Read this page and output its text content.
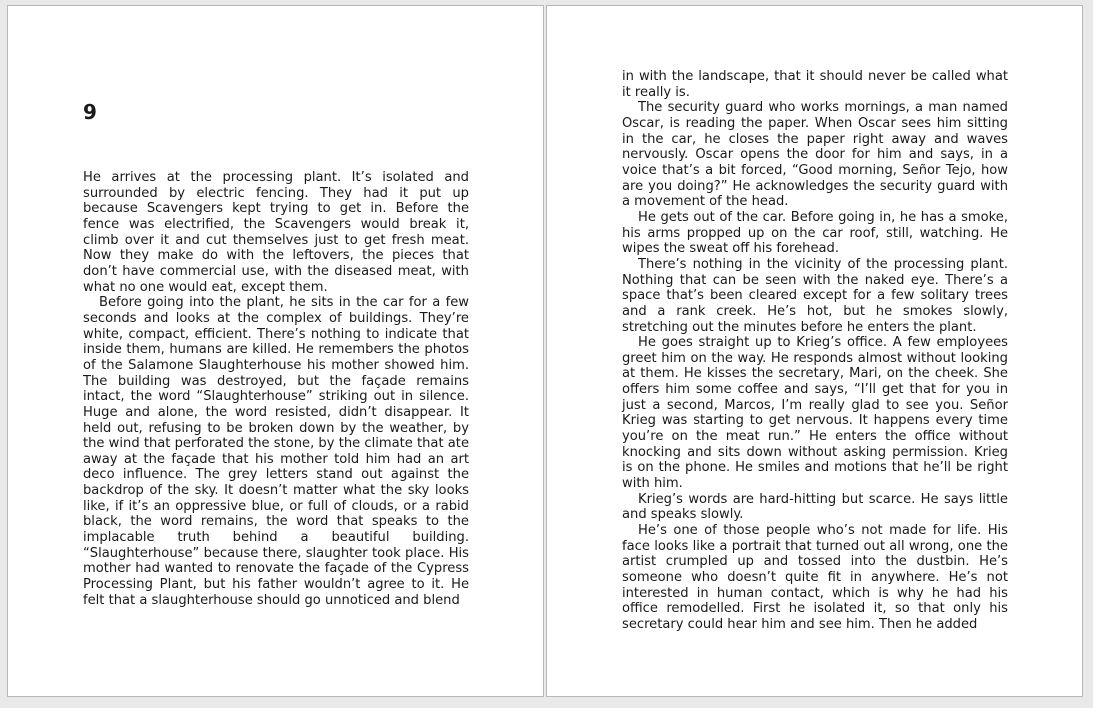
9

He arrives at the processing plant. It’s isolated and surrounded by electric fencing. They had it put up because Scavengers kept trying to get in. Before the fence was electrified, the Scavengers would break it, climb over it and cut themselves just to get fresh meat. Now they make do with the leftovers, the pieces that don’t have commercial use, with the diseased meat, with what no one would eat, except them.

Before going into the plant, he sits in the car for a few seconds and looks at the complex of buildings. They’re white, compact, efficient. There’s nothing to indicate that inside them, humans are killed. He remembers the photos of the Salamone Slaughterhouse his mother showed him. The building was destroyed, but the façade remains intact, the word “Slaughterhouse” striking out in silence. Huge and alone, the word resisted, didn’t disappear. It held out, refusing to be broken down by the weather, by the wind that perforated the stone, by the climate that ate away at the façade that his mother told him had an art deco influence. The grey letters stand out against the backdrop of the sky. It doesn’t matter what the sky looks like, if it’s an oppressive blue, or full of clouds, or a rabid black, the word remains, the word that speaks to the implacable truth behind a beautiful building. “Slaughterhouse” because there, slaughter took place. His mother had wanted to renovate the façade of the Cypress Processing Plant, but his father wouldn’t agree to it. He felt that a slaughterhouse should go unnoticed and blend

in with the landscape, that it should never be called what it really is.

The security guard who works mornings, a man named Oscar, is reading the paper. When Oscar sees him sitting in the car, he closes the paper right away and waves nervously. Oscar opens the door for him and says, in a voice that’s a bit forced, “Good morning, Señor Tejo, how are you doing?” He acknowledges the security guard with a movement of the head.

He gets out of the car. Before going in, he has a smoke, his arms propped up on the car roof, still, watching. He wipes the sweat off his forehead.

There’s nothing in the vicinity of the processing plant. Nothing that can be seen with the naked eye. There’s a space that’s been cleared except for a few solitary trees and a rank creek. He’s hot, but he smokes slowly, stretching out the minutes before he enters the plant.

He goes straight up to Krieg’s office. A few employees greet him on the way. He responds almost without looking at them. He kisses the secretary, Mari, on the cheek. She offers him some coffee and says, “I’ll get that for you in just a second, Marcos, I’m really glad to see you. Señor Krieg was starting to get nervous. It happens every time you’re on the meat run.” He enters the office without knocking and sits down without asking permission. Krieg is on the phone. He smiles and motions that he’ll be right with him.

Krieg’s words are hard-hitting but scarce. He says little and speaks slowly.

He’s one of those people who’s not made for life. His face looks like a portrait that turned out all wrong, one the artist crumpled up and tossed into the dustbin. He’s someone who doesn’t quite fit in anywhere. He’s not interested in human contact, which is why he had his office remodelled. First he isolated it, so that only his secretary could hear him and see him. Then he added
